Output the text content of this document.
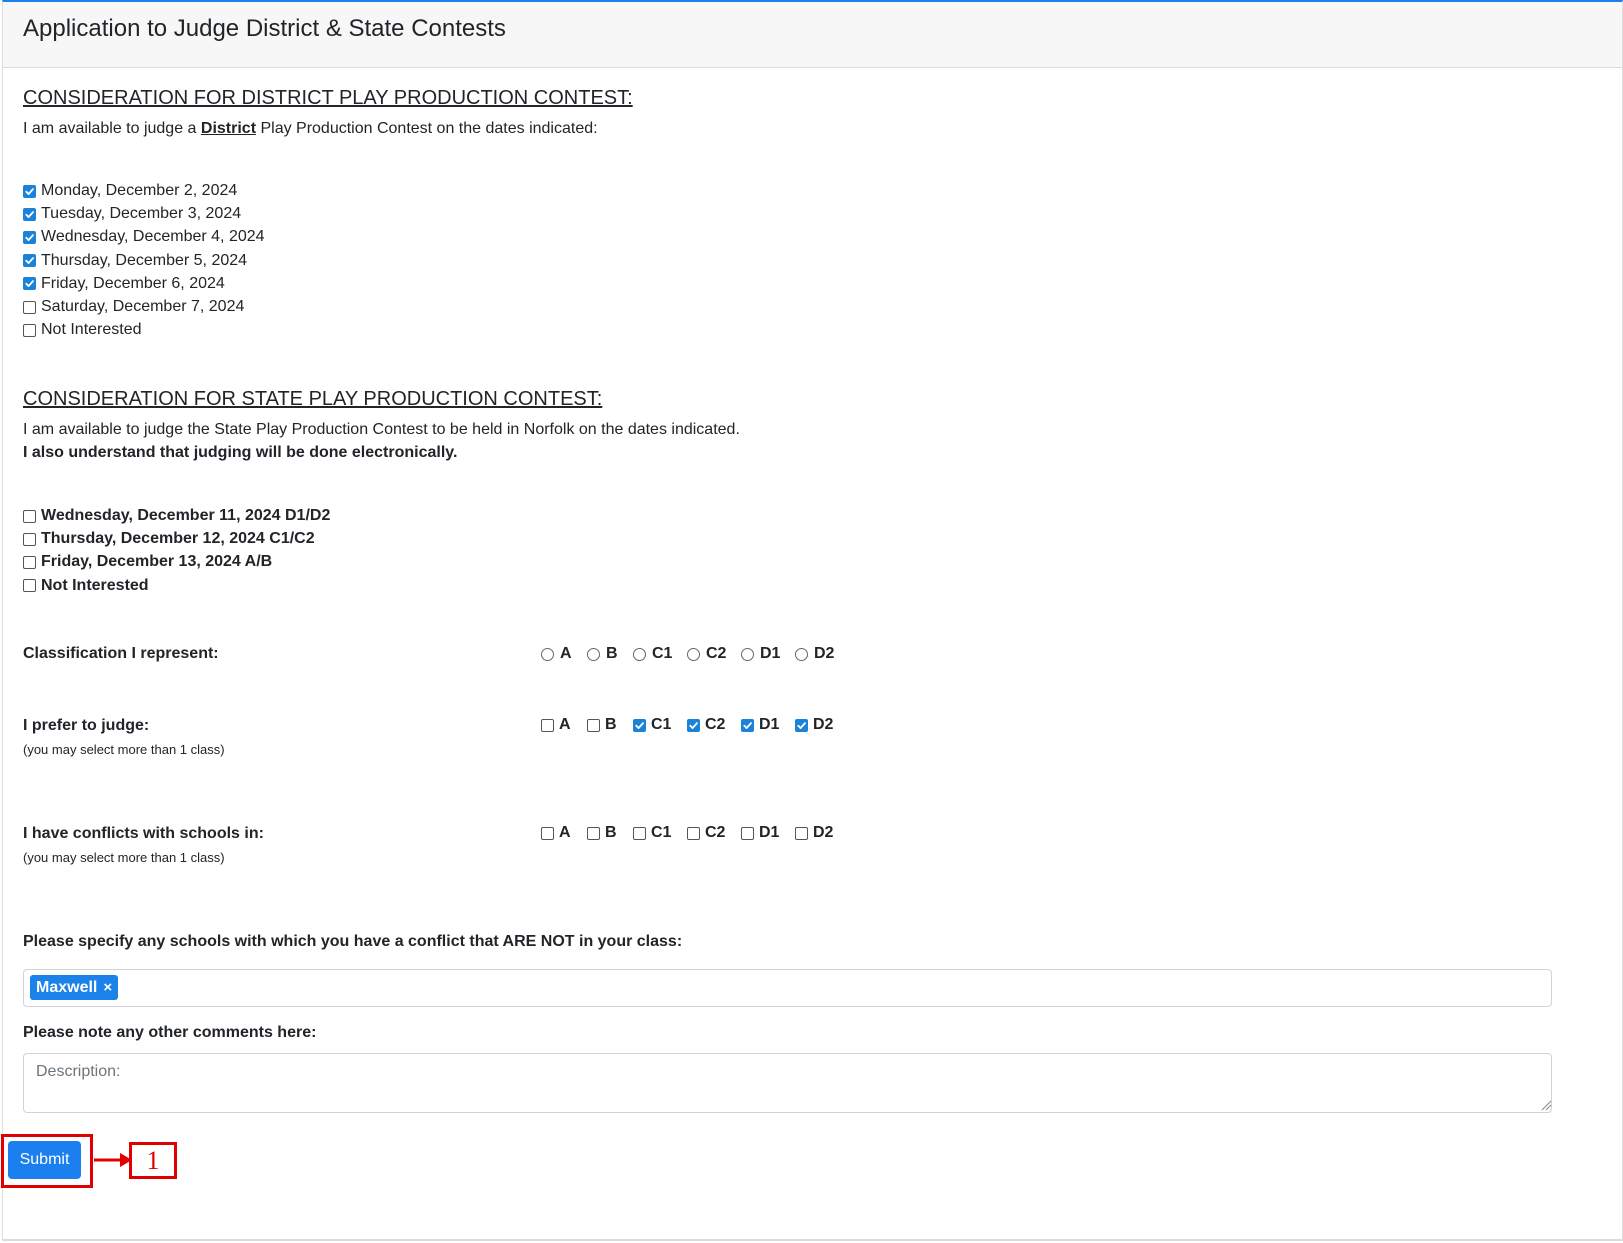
Application to Judge District & State Contests
CONSIDERATION FOR DISTRICT PLAY PRODUCTION CONTEST:
I am available to judge a District Play Production Contest on the dates indicated:
Monday, December 2, 2024
Tuesday, December 3, 2024
Wednesday, December 4, 2024
Thursday, December 5, 2024
Friday, December 6, 2024
Saturday, December 7, 2024
Not Interested
CONSIDERATION FOR STATE PLAY PRODUCTION CONTEST:
I am available to judge the State Play Production Contest to be held in Norfolk on the dates indicated.
I also understand that judging will be done electronically.
Wednesday, December 11, 2024 D1/D2
Thursday, December 12, 2024 C1/C2
Friday, December 13, 2024 A/B
Not Interested
Classification I represent:	A B C1 C2 D1 D2
I prefer to judge:
(you may select more than 1 class)
A B C1 C2 D1 D2
I have conflicts with schools in:
(you may select more than 1 class)
A B C1 C2 D1 D2
Please specify any schools with which you have a conflict that ARE NOT in your class:
Maxwell ×
Please note any other comments here:
Description:
Submit	1
